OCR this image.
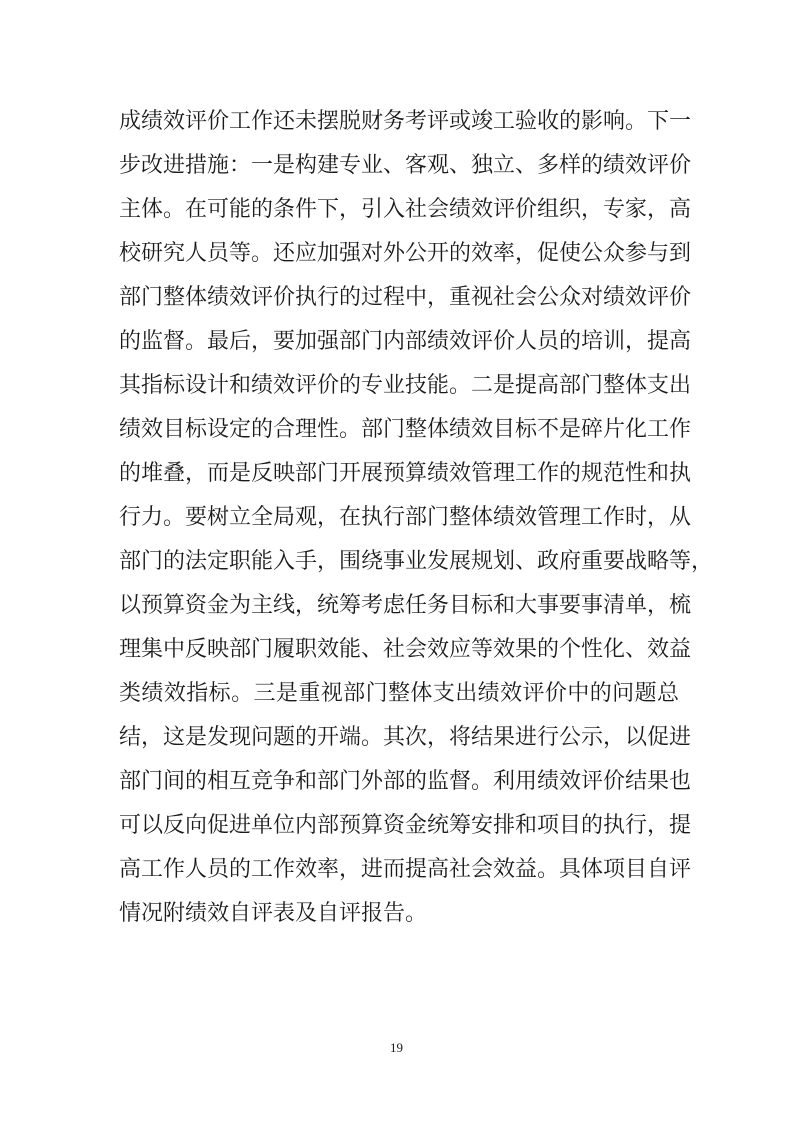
成绩效评价工作还未摆脱财务考评或竣工验收的影响。下一
步改进措施：一是构建专业、客观、独立、多样的绩效评价
主体。在可能的条件下，引入社会绩效评价组织，专家，高
校研究人员等。还应加强对外公开的效率，促使公众参与到
部门整体绩效评价执行的过程中，重视社会公众对绩效评价
的监督。最后，要加强部门内部绩效评价人员的培训，提高
其指标设计和绩效评价的专业技能。二是提高部门整体支出
绩效目标设定的合理性。部门整体绩效目标不是碎片化工作
的堆叠，而是反映部门开展预算绩效管理工作的规范性和执
行力。要树立全局观，在执行部门整体绩效管理工作时，从
部门的法定职能入手，围绕事业发展规划、政府重要战略等，
以预算资金为主线，统筹考虑任务目标和大事要事清单，梳
理集中反映部门履职效能、社会效应等效果的个性化、效益
类绩效指标。三是重视部门整体支出绩效评价中的问题总
结，这是发现问题的开端。其次，将结果进行公示，以促进
部门间的相互竞争和部门外部的监督。利用绩效评价结果也
可以反向促进单位内部预算资金统筹安排和项目的执行，提
高工作人员的工作效率，进而提高社会效益。具体项目自评
情况附绩效自评表及自评报告。
19
